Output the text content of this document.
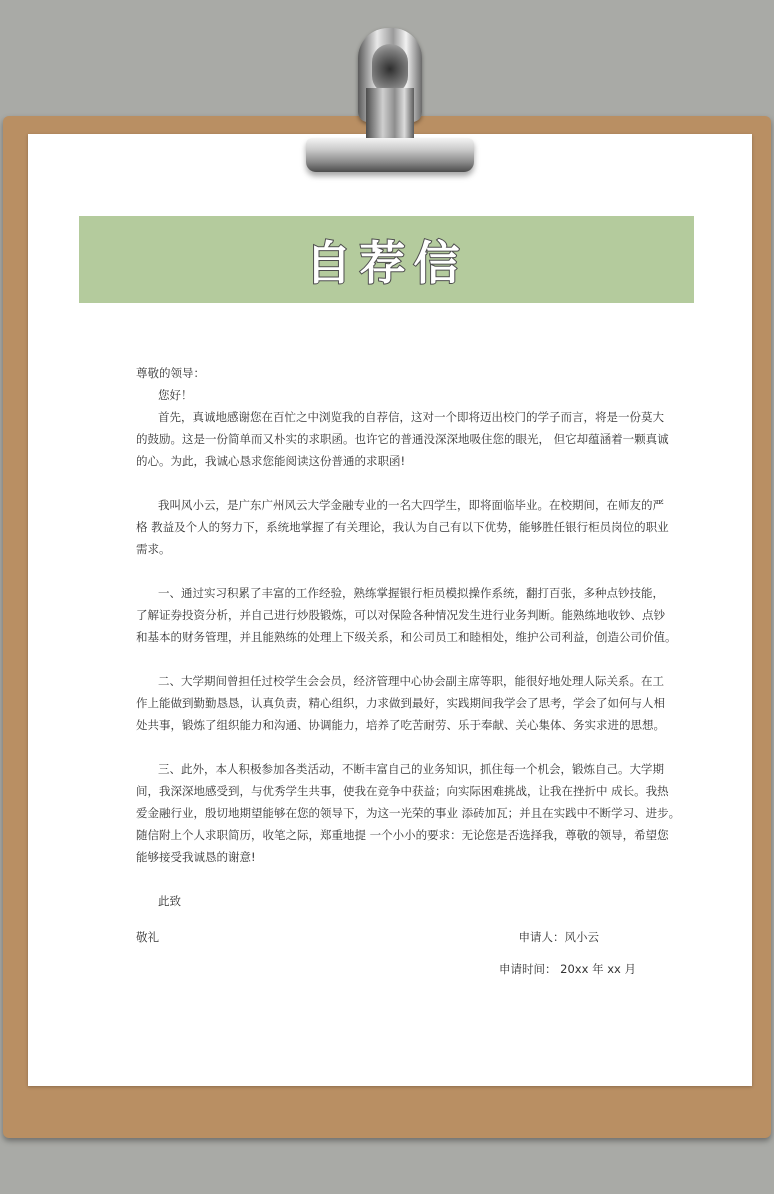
自荐信
尊敬的领导：
您好！
首先，真诚地感谢您在百忙之中浏览我的自荐信，这对一个即将迈出校门的学子而言，将是一份莫大
的鼓励。这是一份简单而又朴实的求职函。也许它的普通没深深地吸住您的眼光， 但它却蕴涵着一颗真诚
的心。为此，我诚心恳求您能阅读这份普通的求职函!
我叫风小云，是广东广州风云大学金融专业的一名大四学生，即将面临毕业。在校期间，在师友的严
格 教益及个人的努力下，系统地掌握了有关理论，我认为自己有以下优势，能够胜任银行柜员岗位的职业
需求。
一、通过实习积累了丰富的工作经验，熟练掌握银行柜员模拟操作系统，翻打百张，多种点钞技能，
了解证券投资分析，并自己进行炒股锻炼，可以对保险各种情况发生进行业务判断。能熟练地收钞、点钞
和基本的财务管理，并且能熟练的处理上下级关系，和公司员工和睦相处，维护公司利益，创造公司价值。
二、大学期间曾担任过校学生会会员，经济管理中心协会副主席等职，能很好地处理人际关系。在工
作上能做到勤勤恳恳，认真负责，精心组织，力求做到最好，实践期间我学会了思考，学会了如何与人相
处共事，锻炼了组织能力和沟通、协调能力，培养了吃苦耐劳、乐于奉献、关心集体、务实求进的思想。
三、此外，本人积极参加各类活动，不断丰富自己的业务知识，抓住每一个机会，锻炼自己。大学期
间，我深深地感受到，与优秀学生共事，使我在竞争中获益；向实际困难挑战，让我在挫折中 成长。我热
爱金融行业，殷切地期望能够在您的领导下，为这一光荣的事业 添砖加瓦；并且在实践中不断学习、进步。
随信附上个人求职简历，收笔之际，郑重地提 一个小小的要求：无论您是否选择我，尊敬的领导，希望您
能够接受我诚恳的谢意!
此致
敬礼	申请人：风小云
申请时间： 20xx 年 xx 月
